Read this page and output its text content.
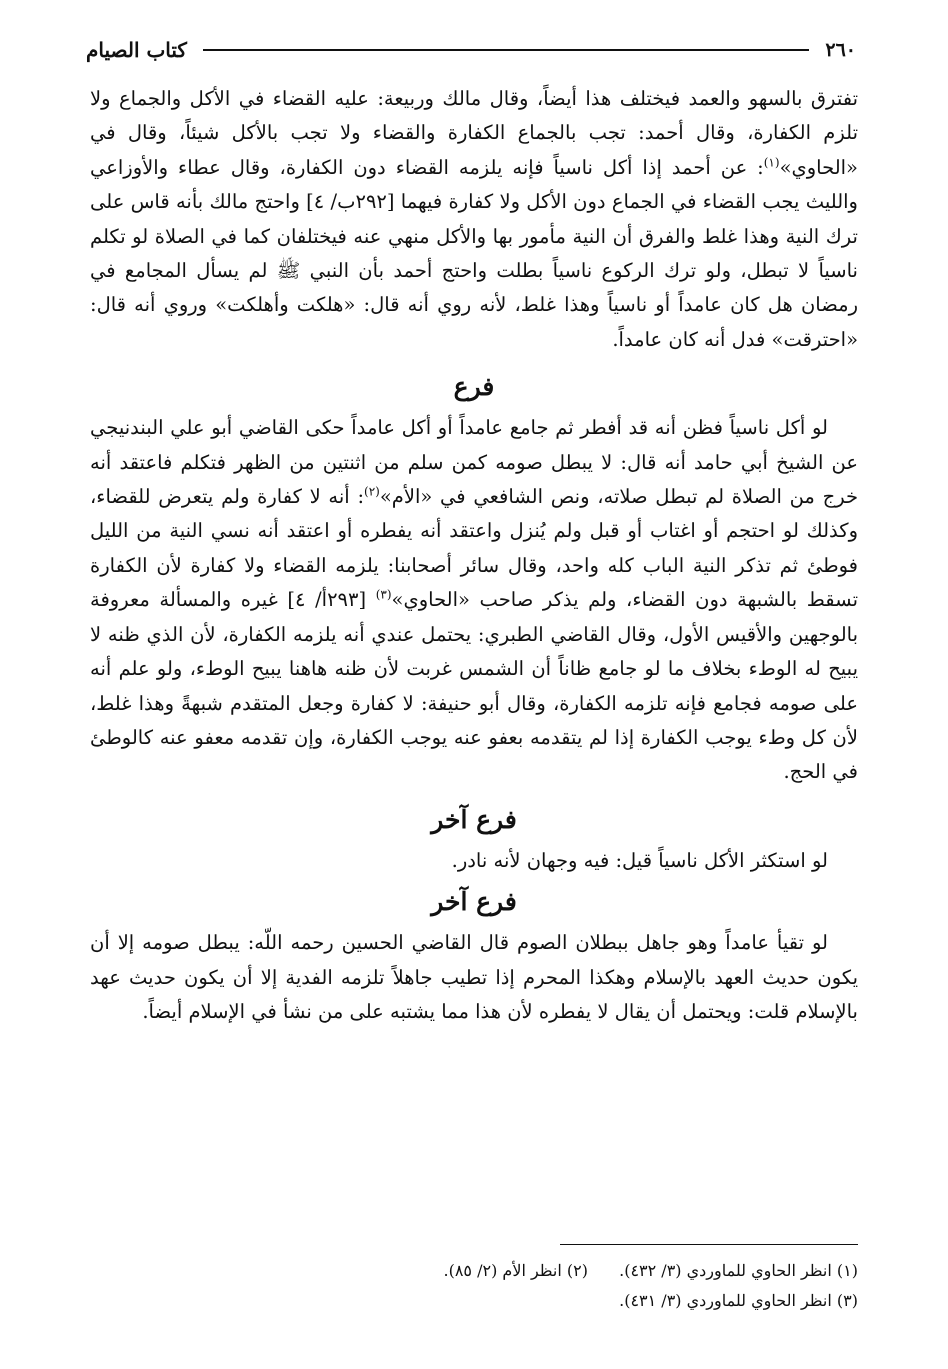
٢٦٠
كتاب الصيام

تفترق بالسهو والعمد فيختلف هذا أيضاً، وقال مالك وربيعة: عليه القضاء في الأكل والجماع ولا تلزم الكفارة، وقال أحمد: تجب بالجماع الكفارة والقضاء ولا تجب بالأكل شيئاً، وقال في «الحاوي»$^{(١)}$: عن أحمد إذا أكل ناسياً فإنه يلزمه القضاء دون الكفارة، وقال عطاء والأوزاعي والليث يجب القضاء في الجماع دون الأكل ولا كفارة فيهما [٢٩٢ب/ ٤] واحتج مالك بأنه قاس على ترك النية وهذا غلط والفرق أن النية مأمور بها والأكل منهي عنه فيختلفان كما في الصلاة لو تكلم ناسياً لا تبطل، ولو ترك الركوع ناسياً بطلت واحتج أحمد بأن النبي ﷺ لم يسأل المجامع في رمضان هل كان عامداً أو ناسياً وهذا غلط، لأنه روي أنه قال: «هلكت وأهلكت» وروي أنه قال: «احترقت» فدل أنه كان عامداً.

فرع

لو أكل ناسياً فظن أنه قد أفطر ثم جامع عامداً أو أكل عامداً حكى القاضي أبو علي البندنيجي عن الشيخ أبي حامد أنه قال: لا يبطل صومه كمن سلم من اثنتين من الظهر فتكلم فاعتقد أنه خرج من الصلاة لم تبطل صلاته، ونص الشافعي في «الأم»$^{(٢)}$: أنه لا كفارة ولم يتعرض للقضاء، وكذلك لو احتجم أو اغتاب أو قبل ولم يُنزل واعتقد أنه يفطره أو اعتقد أنه نسي النية من الليل فوطئ ثم تذكر النية الباب كله واحد، وقال سائر أصحابنا: يلزمه القضاء ولا كفارة لأن الكفارة تسقط بالشبهة دون القضاء، ولم يذكر صاحب «الحاوي»$^{(٣)}$ [٢٩٣أ/ ٤] غيره والمسألة معروفة بالوجهين والأقيس الأول، وقال القاضي الطبري: يحتمل عندي أنه يلزمه الكفارة، لأن الذي ظنه لا يبيح له الوطء بخلاف ما لو جامع ظاناً أن الشمس غربت لأن ظنه هاهنا يبيح الوطء، ولو علم أنه على صومه فجامع فإنه تلزمه الكفارة، وقال أبو حنيفة: لا كفارة وجعل المتقدم شبهةً وهذا غلط، لأن كل وطء يوجب الكفارة إذا لم يتقدمه بعفو عنه يوجب الكفارة، وإن تقدمه معفو عنه كالوطئ في الحج.

فرع آخر

لو استكثر الأكل ناسياً قيل: فيه وجهان لأنه نادر.

فرع آخر

لو تقيأ عامداً وهو جاهل ببطلان الصوم قال القاضي الحسين رحمه اللّه: يبطل صومه إلا أن يكون حديث العهد بالإسلام وهكذا المحرم إذا تطيب جاهلاً تلزمه الفدية إلا أن يكون حديث عهد بالإسلام قلت: ويحتمل أن يقال لا يفطره لأن هذا مما يشتبه على من نشأ في الإسلام أيضاً.

(١) انظر الحاوي للماوردي (٣/ ٤٣٢).
(٢) انظر الأم (٢/ ٨٥).
(٣) انظر الحاوي للماوردي (٣/ ٤٣١).
